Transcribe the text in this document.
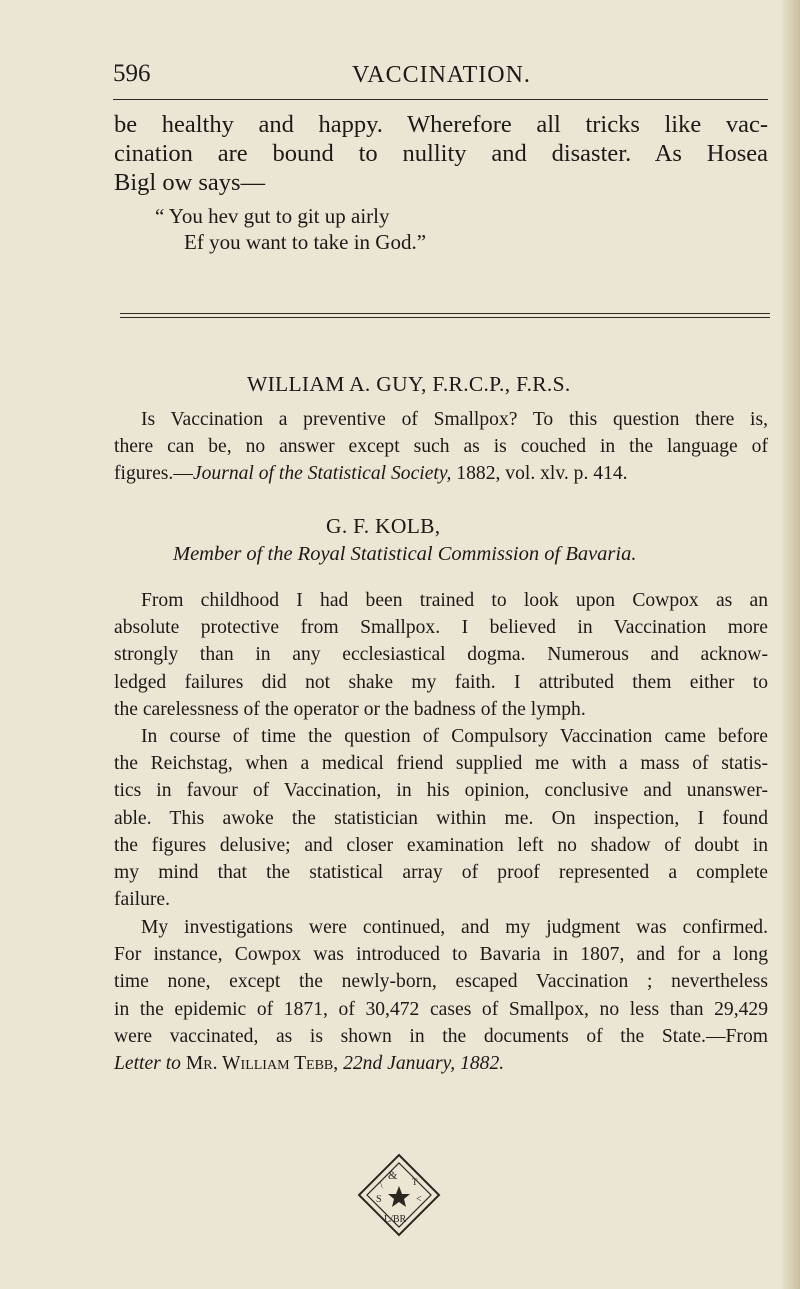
596	VACCINATION.
be healthy and happy. Wherefore all tricks like vac-
cination are bound to nullity and disaster. As Hosea
Bigl ow says—
“ You hev gut to git up airly
Ef you want to take in God.”
WILLIAM A. GUY, F.R.C.P., F.R.S.
Is Vaccination a preventive of Smallpox? To this question there is,
there can be, no answer except such as is couched in the language of
figures.—Journal of the Statistical Society, 1882, vol. xlv. p. 414.
G. F. KOLB,
Member of the Royal Statistical Commission of Bavaria.
From childhood I had been trained to look upon Cowpox as an
absolute protective from Smallpox. I believed in Vaccination more
strongly than in any ecclesiastical dogma. Numerous and acknow-
ledged failures did not shake my faith. I attributed them either to
the carelessness of the operator or the badness of the lymph.
In course of time the question of Compulsory Vaccination came before
the Reichstag, when a medical friend supplied me with a mass of statis-
tics in favour of Vaccination, in his opinion, conclusive and unanswer-
able. This awoke the statistician within me. On inspection, I found
the figures delusive; and closer examination left no shadow of doubt in
my mind that the statistical array of proof represented a complete
failure.
My investigations were continued, and my judgment was confirmed.
For instance, Cowpox was introduced to Bavaria in 1807, and for a long
time none, except the newly-born, escaped Vaccination ; nevertheless
in the epidemic of 1871, of 30,472 cases of Smallpox, no less than 29,429
were vaccinated, as is shown in the documents of the State.—From
Letter to Mr. William Tebb, 22nd January, 1882.
&
\	T
S	<
L/BR
